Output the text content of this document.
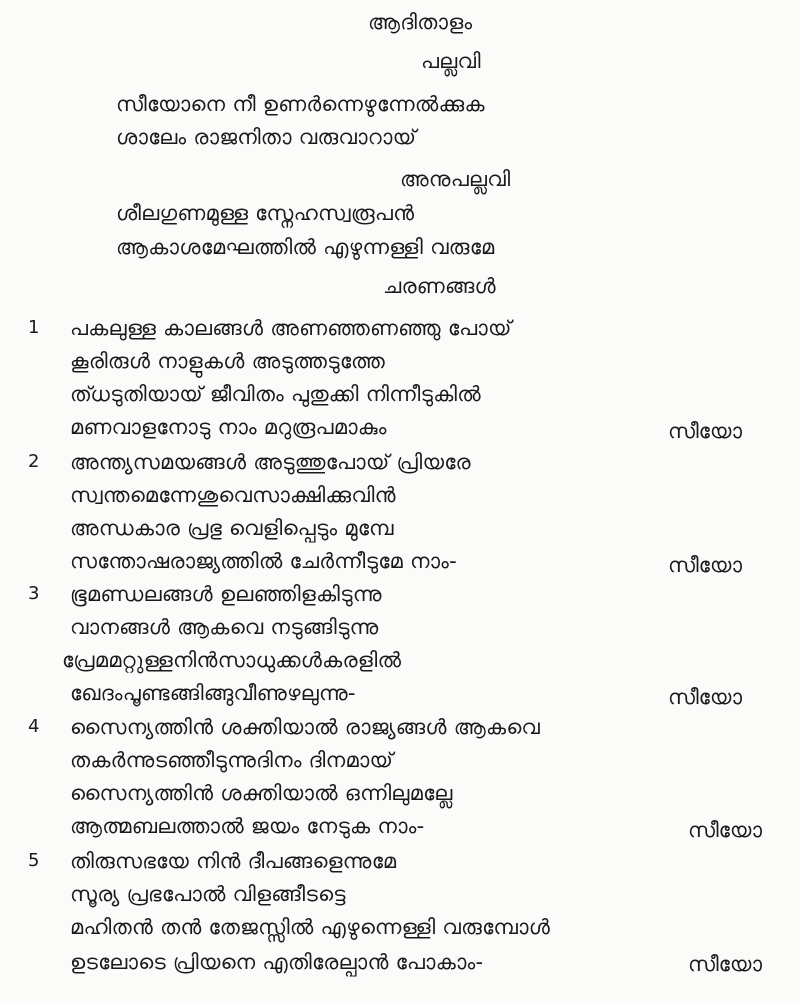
ആദിതാളം
പല്ലവി
സീയോനെ നീ ഉണർന്നെഴുന്നേൽക്കുക
ശാലേം രാജനിതാ വരുവാറായ്
അനുപല്ലവി
ശീലഗുണമുള്ള സ്നേഹസ്വരൂപൻ
ആകാശമേഘത്തിൽ എഴുന്നള്ളി വരുമേ
ചരണങ്ങൾ
1 പകലുള്ള കാലങ്ങൾ അണഞ്ഞണഞ്ഞു പോയ്
കൂരിരുൾ നാളുകൾ അടുത്തടുത്തേ
ത്ധടുതിയായ് ജീവിതം പുതുക്കി നിന്നീടുകിൽ
മണവാളനോടു നാം മറുരൂപമാകും	സീയോ
2 അന്ത്യസമയങ്ങൾ അടുത്തുപോയ് പ്രിയരേ
സ്വന്തമെന്നേശുവെസാക്ഷിക്കുവിൻ
അന്ധകാര പ്രഭു വെളിപ്പെടും മുമ്പേ
സന്തോഷരാജ്യത്തിൽ ചേർന്നീടുമേ നാം-	സീയോ
3 ഭൂമണ്ഡലങ്ങൾ ഉലഞ്ഞിളകിടുന്നു
വാനങ്ങൾ ആകവെ നടുങ്ങിടുന്നു
പ്രേമമറ്റുള്ളനിൻസാധുക്കൾകരളിൽ
ഖേദംപൂണ്ടങ്ങിങ്ങുവീണുഴലുന്നു-	സീയോ
4 സൈന്യത്തിൻ ശക്തിയാൽ രാജ്യങ്ങൾ ആകവെ
തകർന്നുടഞ്ഞീടുന്നുദിനം ദിനമായ്
സൈന്യത്തിൻ ശക്തിയാൽ ഒന്നിലുമല്ലേ
ആത്മബലത്താൽ ജയം നേടുക നാം-	സീയോ
5 തിരുസഭയേ നിൻ ദീപങ്ങളെന്നുമേ
സൂര്യ പ്രഭപോൽ വിളങ്ങീടട്ടെ
മഹിതൻ തൻ തേജസ്സിൽ എഴുന്നെള്ളി വരുമ്പോൾ
ഉടലോടെ പ്രിയനെ എതിരേല്പാൻ പോകാം-	സീയോ
